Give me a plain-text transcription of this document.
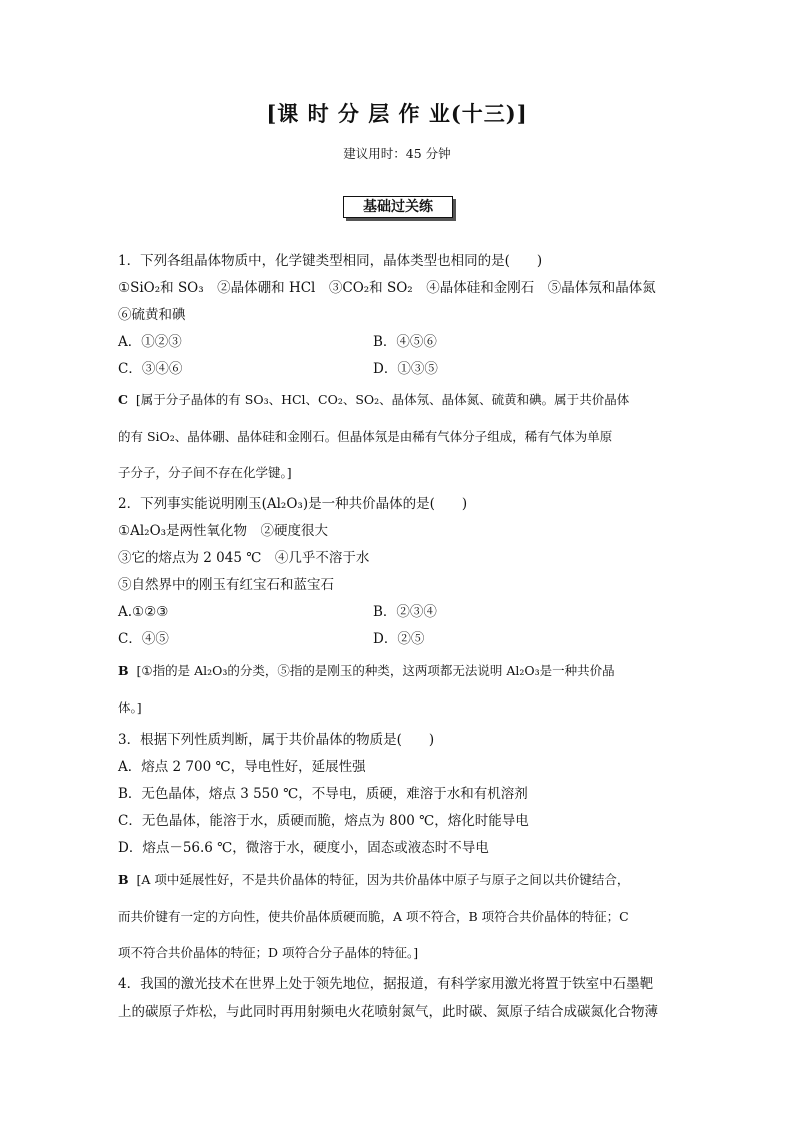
[课 时 分 层 作 业(十三)]
建议用时：45 分钟
基础过关练
1．下列各组晶体物质中，化学键类型相同，晶体类型也相同的是(　　)
①SiO₂和 SO₃　②晶体硼和 HCl　③CO₂和 SO₂　④晶体硅和金刚石　⑤晶体氖和晶体氮
⑥硫黄和碘
A．①②③	B．④⑤⑥
C．③④⑥	D．①③⑤
C [属于分子晶体的有 SO₃、HCl、CO₂、SO₂、晶体氖、晶体氮、硫黄和碘。属于共价晶体
的有 SiO₂、晶体硼、晶体硅和金刚石。但晶体氖是由稀有气体分子组成，稀有气体为单原
子分子，分子间不存在化学键。]
2．下列事实能说明刚玉(Al₂O₃)是一种共价晶体的是(　　)
①Al₂O₃是两性氧化物　②硬度很大
③它的熔点为 2 045 ℃　④几乎不溶于水
⑤自然界中的刚玉有红宝石和蓝宝石
A.①②③	B．②③④
C．④⑤	D．②⑤
B [①指的是 Al₂O₃的分类，⑤指的是刚玉的种类，这两项都无法说明 Al₂O₃是一种共价晶
体。]
3．根据下列性质判断，属于共价晶体的物质是(　　)
A．熔点 2 700 ℃，导电性好，延展性强
B．无色晶体，熔点 3 550 ℃，不导电，质硬，难溶于水和有机溶剂
C．无色晶体，能溶于水，质硬而脆，熔点为 800 ℃，熔化时能导电
D．熔点－56.6 ℃，微溶于水，硬度小，固态或液态时不导电
B [A 项中延展性好，不是共价晶体的特征，因为共价晶体中原子与原子之间以共价键结合，
而共价键有一定的方向性，使共价晶体质硬而脆，A 项不符合，B 项符合共价晶体的特征；C
项不符合共价晶体的特征；D 项符合分子晶体的特征。]
4．我国的激光技术在世界上处于领先地位，据报道，有科学家用激光将置于铁室中石墨靶
上的碳原子炸松，与此同时再用射频电火花喷射氮气，此时碳、氮原子结合成碳氮化合物薄
